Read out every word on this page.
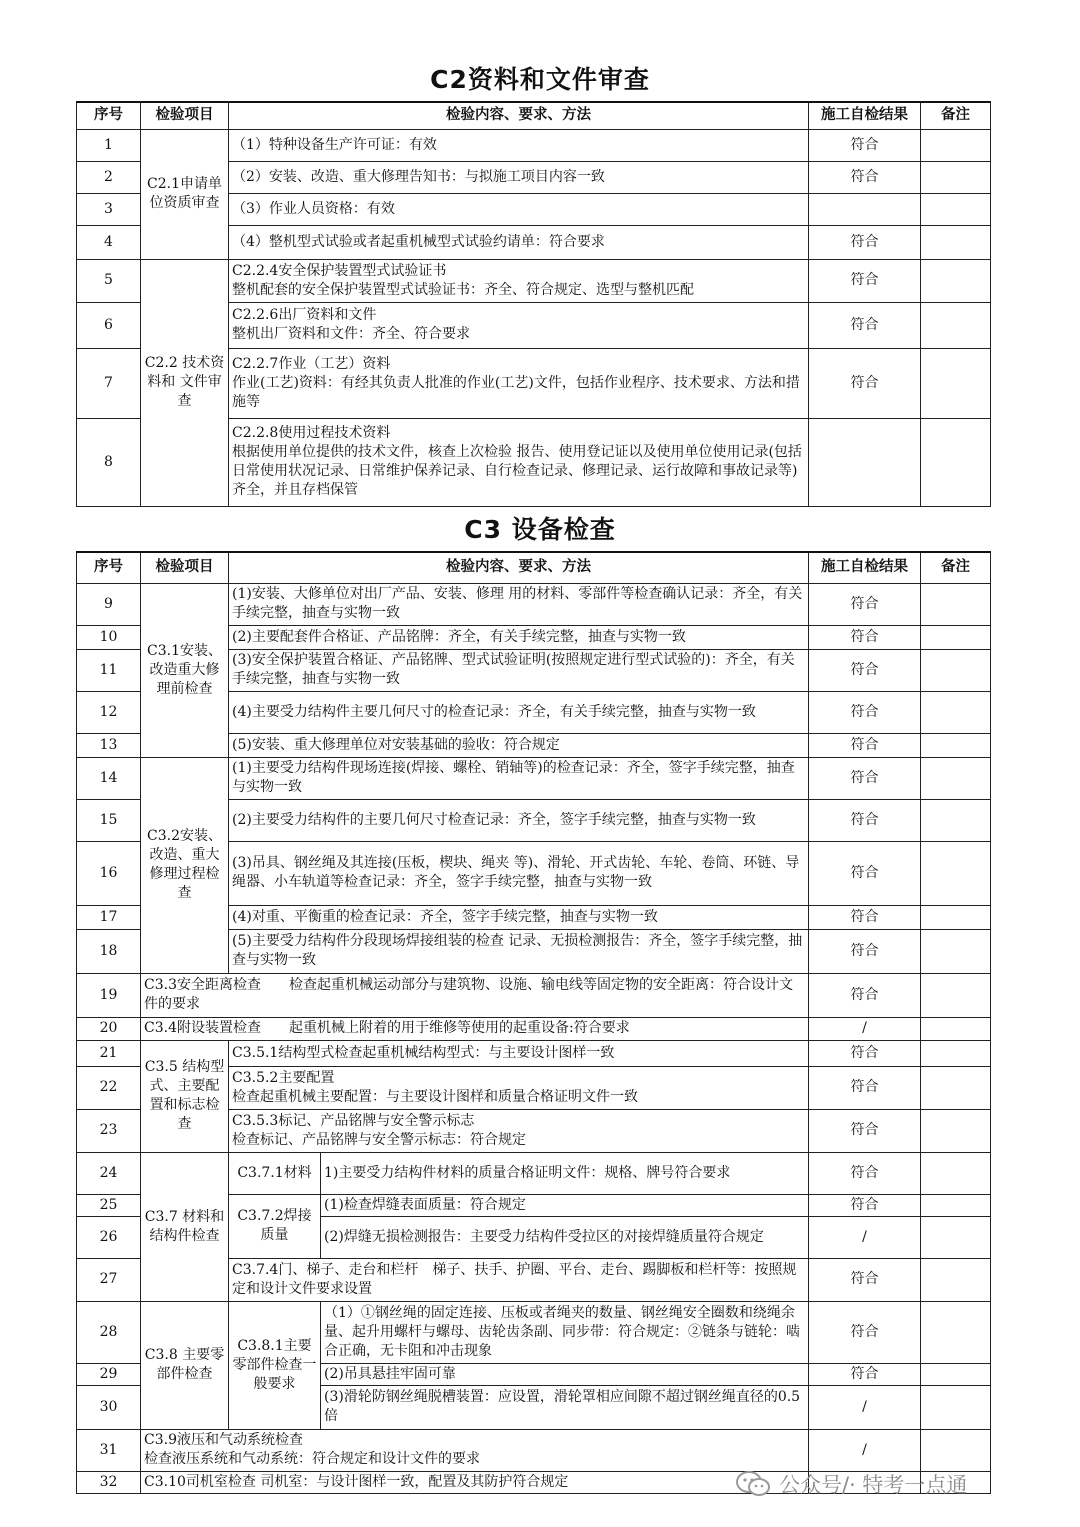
C2资料和文件审查
序号	检验项目	检验内容、要求、方法	施工自检结果	备注
1	C2.1申请单位资质审查	（1）特种设备生产许可证：有效	符合	
2		（2）安装、改造、重大修理告知书：与拟施工项目内容一致	符合	
3		（3）作业人员资格：有效		
4		（4）整机型式试验或者起重机械型式试验约请单：符合要求	符合	
5	C2.2 技术资料和 文件审查	C2.2.4安全保护装置型式试验证书
整机配套的安全保护装置型式试验证书：齐全、符合规定、选型与整机匹配	符合	
6		C2.2.6出厂资料和文件
整机出厂资料和文件：齐全、符合要求	符合	
7		C2.2.7作业（工艺）资料
作业(工艺)资料：有经其负责人批准的作业(工艺)文件，包括作业程序、技术要求、方法和措施等	符合	
8		C2.2.8使用过程技术资料
根据使用单位提供的技术文件，核查上次检验 报告、使用登记证以及使用单位使用记录(包括日常使用状况记录、日常维护保养记录、自行检查记录、修理记录、运行故障和事故记录等)齐全，并且存档保管		
C3 设备检查
序号	检验项目	检验内容、要求、方法		施工自检结果	备注
9	C3.1安装、改造重大修理前检查	(1)安装、大修单位对出厂产品、安装、修理 用的材料、零部件等检查确认记录：齐全，有关手续完整，抽查与实物一致		符合	
10		(2)主要配套件合格证、产品铭牌：齐全，有关手续完整，抽查与实物一致		符合	
11		(3)安全保护装置合格证、产品铭牌、型式试验证明(按照规定进行型式试验的)：齐全，有关手续完整，抽查与实物一致		符合	
12		(4)主要受力结构件主要几何尺寸的检查记录：齐全，有关手续完整，抽查与实物一致		符合	
13		(5)安装、重大修理单位对安装基础的验收：符合规定		符合	
14	C3.2安装、改造、重大修理过程检查	(1)主要受力结构件现场连接(焊接、螺栓、销轴等)的检查记录：齐全，签字手续完整，抽查与实物一致		符合	
15		(2)主要受力结构件的主要几何尺寸检查记录：齐全，签字手续完整，抽查与实物一致		符合	
16		(3)吊具、钢丝绳及其连接(压板，楔块、绳夹 等)、滑轮、开式齿轮、车轮、卷筒、环链、导绳器、小车轨道等检查记录：齐全，签字手续完整，抽查与实物一致		符合	
17		(4)对重、平衡重的检查记录：齐全，签字手续完整，抽查与实物一致		符合	
18		(5)主要受力结构件分段现场焊接组装的检查 记录、无损检测报告：齐全，签字手续完整，抽查与实物一致		符合	
19	C3.3安全距离检查　　检查起重机械运动部分与建筑物、设施、输电线等固定物的安全距离：符合设计文件的要求			符合	
20	C3.4附设装置检查　　起重机械上附着的用于维修等使用的起重设备:符合要求			/	
21	C3.5 结构型式、主要配置和标志检 查	C3.5.1结构型式检查起重机械结构型式：与主要设计图样一致		符合	
22		C3.5.2主要配置
检查起重机械主要配置：与主要设计图样和质量合格证明文件一致		符合	
23		C3.5.3标记、产品铭牌与安全警示标志
检查标记、产品铭牌与安全警示标志：符合规定		符合	
24	C3.7 材料和结构件检查	C3.7.1材料	1)主要受力结构件材料的质量合格证明文件：规格、牌号符合要求	符合	
25		C3.7.2焊接质量	(1)检查焊缝表面质量：符合规定	符合	
26			(2)焊缝无损检测报告：主要受力结构件受拉区的对接焊缝质量符合规定	/	
27		C3.7.4门、梯子、走台和栏杆　梯子、扶手、护圈、平台、走台、踢脚板和栏杆等：按照规定和设计文件要求设置		符合	
28	C3.8 主要零部件检查	C3.8.1主要零部件检查一般要求	（1）①钢丝绳的固定连接、压板或者绳夹的数量、钢丝绳安全圈数和绕绳余量、起升用螺杆与螺母、齿轮齿条副、同步带：符合规定：②链条与链轮：啮合正确，无卡阻和冲击现象	符合	
29			(2)吊具悬挂牢固可靠	符合	
30			(3)滑轮防钢丝绳脱槽装置：应设置，滑轮罩相应间隙不超过钢丝绳直径的0.5倍	/	
31	C3.9液压和气动系统检查
检查液压系统和气动系统：符合规定和设计文件的要求			/	
32	C3.10司机室检查 司机室：与设计图样一致，配置及其防护符合规定					公众号/· 特考一点通
